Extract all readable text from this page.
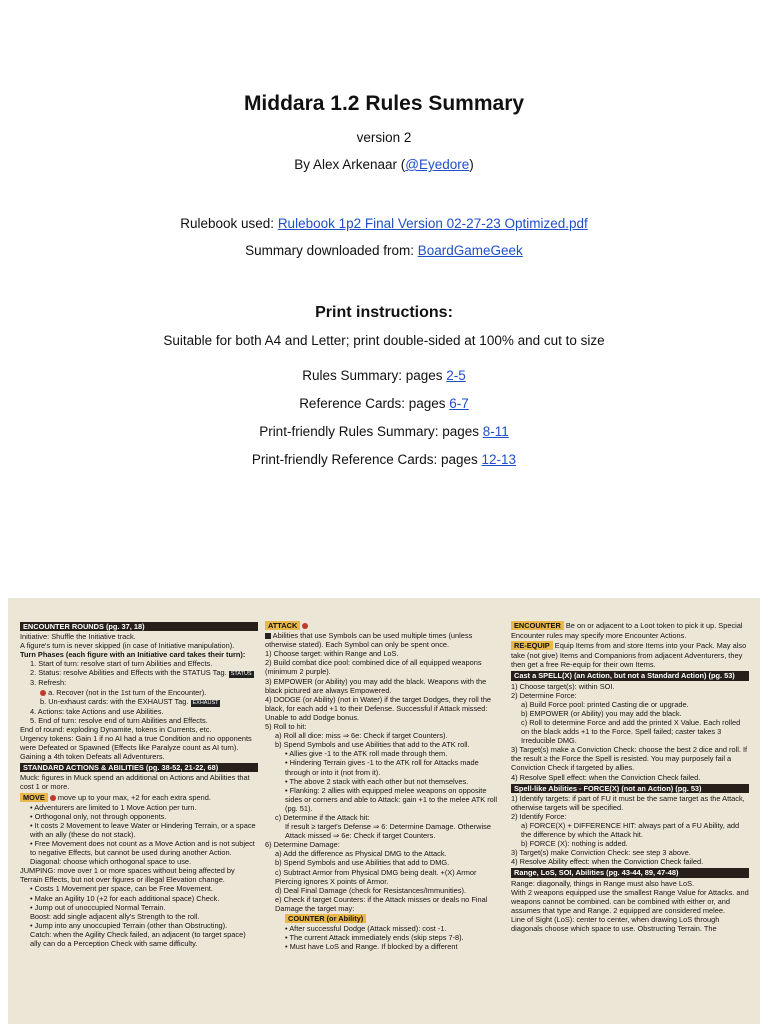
Middara 1.2 Rules Summary
version 2
By Alex Arkenaar (@Eyedore)
Rulebook used: Rulebook 1p2 Final Version 02-27-23 Optimized.pdf
Summary downloaded from: BoardGameGeek
Print instructions:
Suitable for both A4 and Letter; print double-sided at 100% and cut to size
Rules Summary: pages 2-5
Reference Cards: pages 6-7
Print-friendly Rules Summary: pages 8-11
Print-friendly Reference Cards: pages 12-13
ENCOUNTER ROUNDS (pg. 37, 18)

Initiative: Shuffle the Initiative track.

A figure's turn is never skipped (in case of Initiative manipulation).

Turn Phases (each figure with an Initiative card takes their turn):

1. Start of turn: resolve start of turn Abilities and Effects.

2. Status: resolve Abilities and Effects with the STATUS Tag. STATUS

3. Refresh:

a. Recover (not in the 1st turn of the Encounter).

b. Un-exhaust cards: with the EXHAUST Tag. EXHAUST

4. Actions: take Actions and use Abilities.

5. End of turn: resolve end of turn Abilities and Effects.

End of round: exploding Dynamite, tokens in Currents, etc.

Urgency tokens: Gain 1 if no AI had a true Condition and no opponents were Defeated or Spawned (Effects like Paralyze count as AI turn). Gaining a 4th token Defeats all Adventurers.

STANDARD ACTIONS & ABILITIES (pg. 38-52, 21-22, 68)

Muck: figures in Muck spend an additional on Actions and Abilities that cost 1 or more.

MOVE  move up to your max, +2 for each extra spend.

• Adventurers are limited to 1 Move Action per turn.

• Orthogonal only, not through opponents.

• It costs 2 Movement to leave Water or Hindering Terrain, or a space with an ally (these do not stack).

• Free Movement does not count as a Move Action and is not subject to negative Effects, but cannot be used during another Action. Diagonal: choose which orthogonal space to use.

JUMPING: move over 1 or more spaces without being affected by Terrain Effects, but not over figures or illegal Elevation change.

• Costs 1 Movement per space, can be Free Movement.

• Make an Agility 10 (+2 for each additional space) Check.

• Jump out of unoccupied Normal Terrain.

Boost: add single adjacent ally's Strength to the roll.

• Jump into any unoccupied Terrain (other than Obstructing).

Catch: when the Agility Check failed, an adjacent (to target space) ally can do a Perception Check with same difficulty.

ATTACK

Abilities that use Symbols can be used multiple times (unless otherwise stated). Each Symbol can only be spent once.

1) Choose target: within Range and LoS.

2) Build combat dice pool: combined dice of all equipped weapons (minimum 2 purple).

3) EMPOWER (or Ability) you may add the black. Weapons with the black pictured are always Empowered.

4) DODGE (or Ability) (not in Water) if the target Dodges, they roll the black, for each add +1 to their Defense. Successful if Attack missed: Unable to add Dodge bonus.

5) Roll to hit:

a) Roll all dice: miss ⇒ 6e: Check if target Counters).

b) Spend Symbols and use Abilities that add to the ATK roll.

• Allies give -1 to the ATK roll made through them.

• Hindering Terrain gives -1 to the ATK roll for Attacks made through or into it (not from it).

• The above 2 stack with each other but not themselves.

• Flanking: 2 allies with equipped melee weapons on opposite sides or corners and able to Attack: gain +1 to the melee ATK roll (pg. 51).

c) Determine if the Attack hit:

If result ≥ target's Defense ⇒ 6: Determine Damage. Otherwise Attack missed ⇒ 6e: Check if target Counters.

6) Determine Damage:

a) Add the difference as Physical DMG to the Attack.

b) Spend Symbols and use Abilities that add to DMG.

c) Subtract Armor from Physical DMG being dealt. +(X) Armor Piercing ignores X points of Armor.

d) Deal Final Damage (check for Resistances/Immunities).

e) Check if target Counters: if the Attack misses or deals no Final Damage the target may:

COUNTER (or Ability)

• After successful Dodge (Attack missed): cost -1.

• The current Attack immediately ends (skip steps 7-8).

• Must have LoS and Range. If blocked by a different

ENCOUNTER Be on or adjacent to a Loot token to pick it up. Special Encounter rules may specify more Encounter Actions.

RE-EQUIP Equip Items from and store Items into your Pack. May also take (not give) Items and Companions from adjacent Adventurers, they then get a free Re-equip for their own Items.

Cast a SPELL(X) (an Action, but not a Standard Action) (pg. 53)

1) Choose target(s): within SOI.

2) Determine Force:

a) Build Force pool: printed Casting die or upgrade.

b) EMPOWER (or Ability) you may add the black.

c) Roll to determine Force and add the printed X Value. Each rolled on the black adds +1 to the Force. Spell failed; caster takes 3 Irreducible DMG.

3) Target(s) make a Conviction Check: choose the best 2 dice and roll. If the result ≥ the Force the Spell is resisted. You may purposely fail a Conviction Check if targeted by allies.

4) Resolve Spell effect: when the Conviction Check failed.

Spell-like Abilities - FORCE(X) (not an Action) (pg. 53)

1) Identify targets: if part of FU it must be the same target as the Attack, otherwise targets will be specified.

2) Identify Force:

a) FORCE(X) + DIFFERENCE HIT: always part of a FU Ability, add the difference by which the Attack hit.

b) FORCE (X): nothing is added.

3) Target(s) make Conviction Check: see step 3 above.

4) Resolve Ability effect: when the Conviction Check failed.

Range, LoS, SOI, Abilities (pg. 43-44, 89, 47-48)

Range: diagonally, things in Range must also have LoS.

With 2 weapons equipped use the smallest Range Value for Attacks. and weapons cannot be combined. can be combined with either or, and assumes that type and Range. 2 equipped are considered melee.

Line of Sight (LoS): center to center, when drawing LoS through diagonals choose which space to use. Obstructing Terrain. The
